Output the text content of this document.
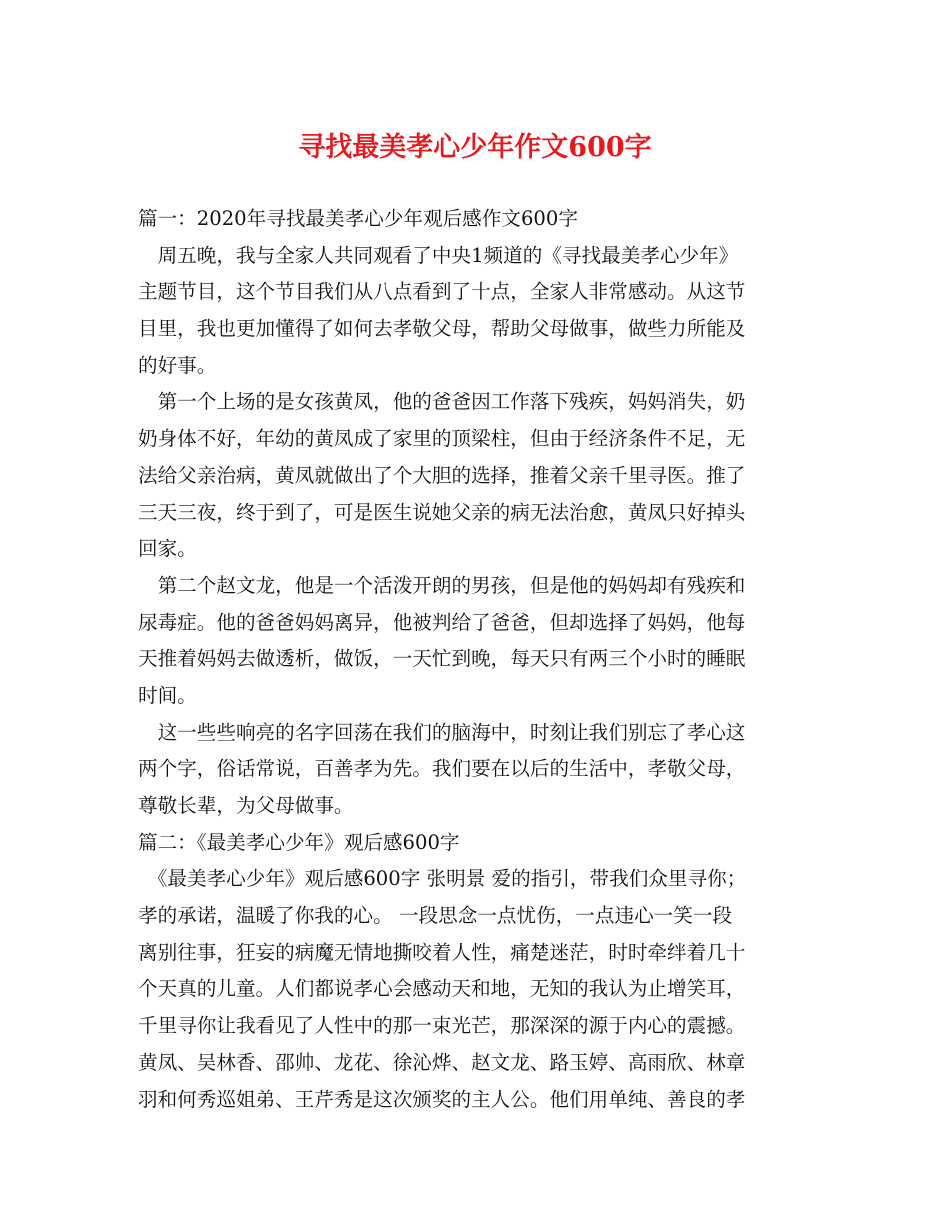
寻找最美孝心少年作文600字
篇一：2020年寻找最美孝心少年观后感作文600字
　周五晚，我与全家人共同观看了中央1频道的《寻找最美孝心少年》
主题节目，这个节目我们从八点看到了十点，全家人非常感动。从这节
目里，我也更加懂得了如何去孝敬父母，帮助父母做事，做些力所能及
的好事。
　第一个上场的是女孩黄凤，他的爸爸因工作落下残疾，妈妈消失，奶
奶身体不好，年幼的黄凤成了家里的顶梁柱，但由于经济条件不足，无
法给父亲治病，黄凤就做出了个大胆的选择，推着父亲千里寻医。推了
三天三夜，终于到了，可是医生说她父亲的病无法治愈，黄凤只好掉头
回家。
　第二个赵文龙，他是一个活泼开朗的男孩，但是他的妈妈却有残疾和
尿毒症。他的爸爸妈妈离异，他被判给了爸爸，但却选择了妈妈，他每
天推着妈妈去做透析，做饭，一天忙到晚，每天只有两三个小时的睡眠
时间。
　这一些些响亮的名字回荡在我们的脑海中，时刻让我们别忘了孝心这
两个字，俗话常说，百善孝为先。我们要在以后的生活中，孝敬父母，
尊敬长辈，为父母做事。
篇二：《最美孝心少年》观后感600字
　《最美孝心少年》观后感600字 张明景 爱的指引，带我们众里寻你；
孝的承诺，温暖了你我的心。 一段思念一点忧伤，一点违心一笑一段
离别往事，狂妄的病魔无情地撕咬着人性，痛楚迷茫，时时牵绊着几十
个天真的儿童。人们都说孝心会感动天和地，无知的我认为止增笑耳，
千里寻你让我看见了人性中的那一束光芒，那深深的源于内心的震撼。
黄凤、吴林香、邵帅、龙花、徐沁烨、赵文龙、路玉婷、高雨欣、林章
羽和何秀巡姐弟、王芹秀是这次颁奖的主人公。他们用单纯、善良的孝
